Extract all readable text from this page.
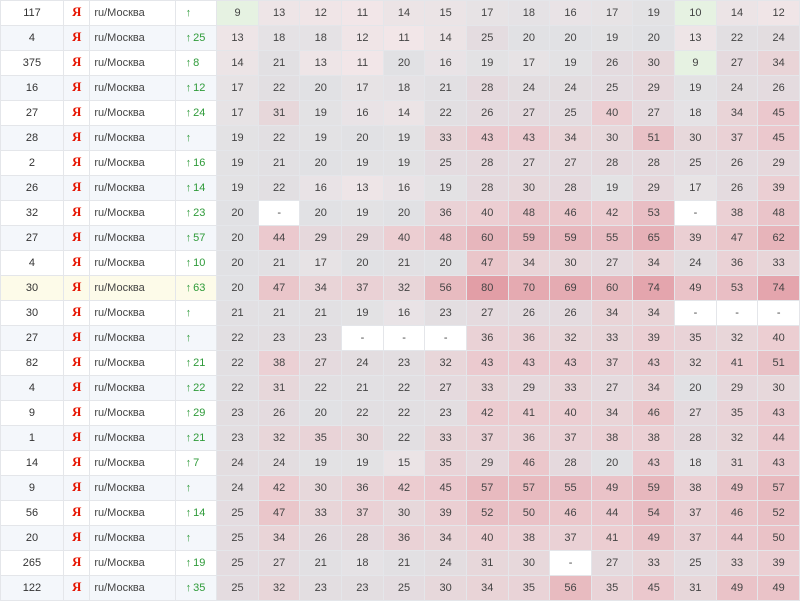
117	Я	ru/Москва	↑	9	13	12	11	14	15	17	18	16	17	19	10	14	12
4	Я	ru/Москва	↑ 25	13	18	18	12	11	14	25	20	20	19	20	13	22	24
375	Я	ru/Москва	↑ 8	14	21	13	11	20	16	19	17	19	26	30	9	27	34
16	Я	ru/Москва	↑ 12	17	22	20	17	18	21	28	24	24	25	29	19	24	26
27	Я	ru/Москва	↑ 24	17	31	19	16	14	22	26	27	25	40	27	18	34	45
28	Я	ru/Москва	↑	19	22	19	20	19	33	43	43	34	30	51	30	37	45
2	Я	ru/Москва	↑ 16	19	21	20	19	19	25	28	27	27	28	28	25	26	29
26	Я	ru/Москва	↑ 14	19	22	16	13	16	19	28	30	28	19	29	17	26	39
32	Я	ru/Москва	↑ 23	20	-	20	19	20	36	40	48	46	42	53	-	38	48
27	Я	ru/Москва	↑ 57	20	44	29	29	40	48	60	59	59	55	65	39	47	62
4	Я	ru/Москва	↑ 10	20	21	17	20	21	20	47	34	30	27	34	24	36	33
30	Я	ru/Москва	↑ 63	20	47	34	37	32	56	80	70	69	60	74	49	53	74
30	Я	ru/Москва	↑	21	21	21	19	16	23	27	26	26	34	34	-	-	-
27	Я	ru/Москва	↑	22	23	23	-	-	-	36	36	32	33	39	35	32	40
82	Я	ru/Москва	↑ 21	22	38	27	24	23	32	43	43	43	37	43	32	41	51
4	Я	ru/Москва	↑ 22	22	31	22	21	22	27	33	29	33	27	34	20	29	30
9	Я	ru/Москва	↑ 29	23	26	20	22	22	23	42	41	40	34	46	27	35	43
1	Я	ru/Москва	↑ 21	23	32	35	30	22	33	37	36	37	38	38	28	32	44
14	Я	ru/Москва	↑ 7	24	24	19	19	15	35	29	46	28	20	43	18	31	43
9	Я	ru/Москва	↑	24	42	30	36	42	45	57	57	55	49	59	38	49	57
56	Я	ru/Москва	↑ 14	25	47	33	37	30	39	52	50	46	44	54	37	46	52
20	Я	ru/Москва	↑	25	34	26	28	36	34	40	38	37	41	49	37	44	50
265	Я	ru/Москва	↑ 19	25	27	21	18	21	24	31	30	-	27	33	25	33	39
122	Я	ru/Москва	↑ 35	25	32	23	23	25	30	34	35	56	35	45	31	49	49
